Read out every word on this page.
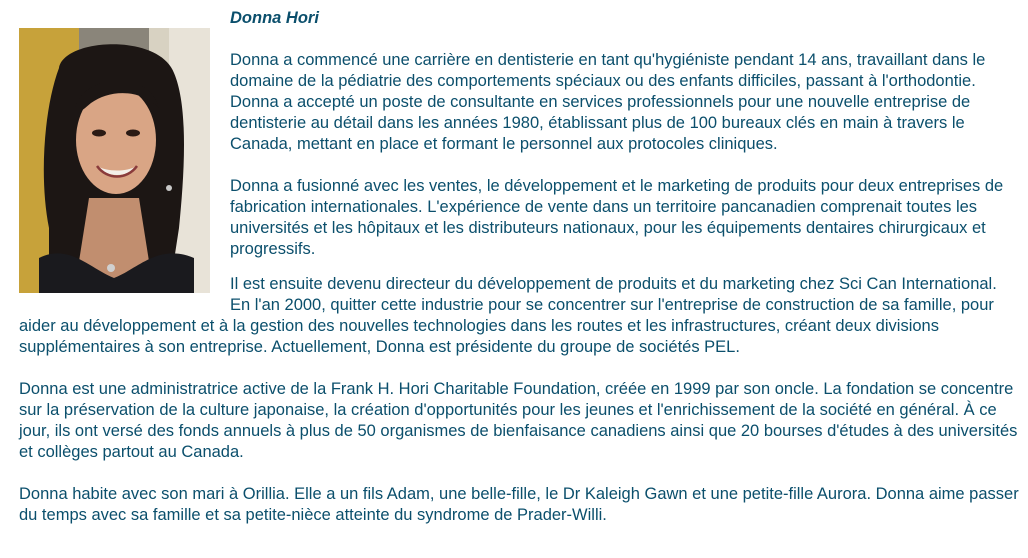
Donna Hori

Donna a commencé une carrière en dentisterie en tant qu'hygiéniste pendant 14 ans, travaillant dans le domaine de la pédiatrie des comportements spéciaux ou des enfants difficiles, passant à l'orthodontie. Donna a accepté un poste de consultante en services professionnels pour une nouvelle entreprise de dentisterie au détail dans les années 1980, établissant plus de 100 bureaux clés en main à travers le Canada, mettant en place et formant le personnel aux protocoles cliniques.

Donna a fusionné avec les ventes, le développement et le marketing de produits pour deux entreprises de fabrication internationales. L'expérience de vente dans un territoire pancanadien comprenait toutes les universités et les hôpitaux et les distributeurs nationaux, pour les équipements dentaires chirurgicaux et progressifs.

Il est ensuite devenu directeur du développement de produits et du marketing chez Sci Can International. En l'an 2000, quitter cette industrie pour se concentrer sur l'entreprise de construction de sa famille, pour aider au développement et à la gestion des nouvelles technologies dans les routes et les infrastructures, créant deux divisions supplémentaires à son entreprise. Actuellement, Donna est présidente du groupe de sociétés PEL.

Donna est une administratrice active de la Frank H. Hori Charitable Foundation, créée en 1999 par son oncle. La fondation se concentre sur la préservation de la culture japonaise, la création d'opportunités pour les jeunes et l'enrichissement de la société en général. À ce jour, ils ont versé des fonds annuels à plus de 50 organismes de bienfaisance canadiens ainsi que 20 bourses d'études à des universités et collèges partout au Canada.

Donna habite avec son mari à Orillia. Elle a un fils Adam, une belle-fille, le Dr Kaleigh Gawn et une petite-fille Aurora. Donna aime passer du temps avec sa famille et sa petite-nièce atteinte du syndrome de Prader-Willi.
